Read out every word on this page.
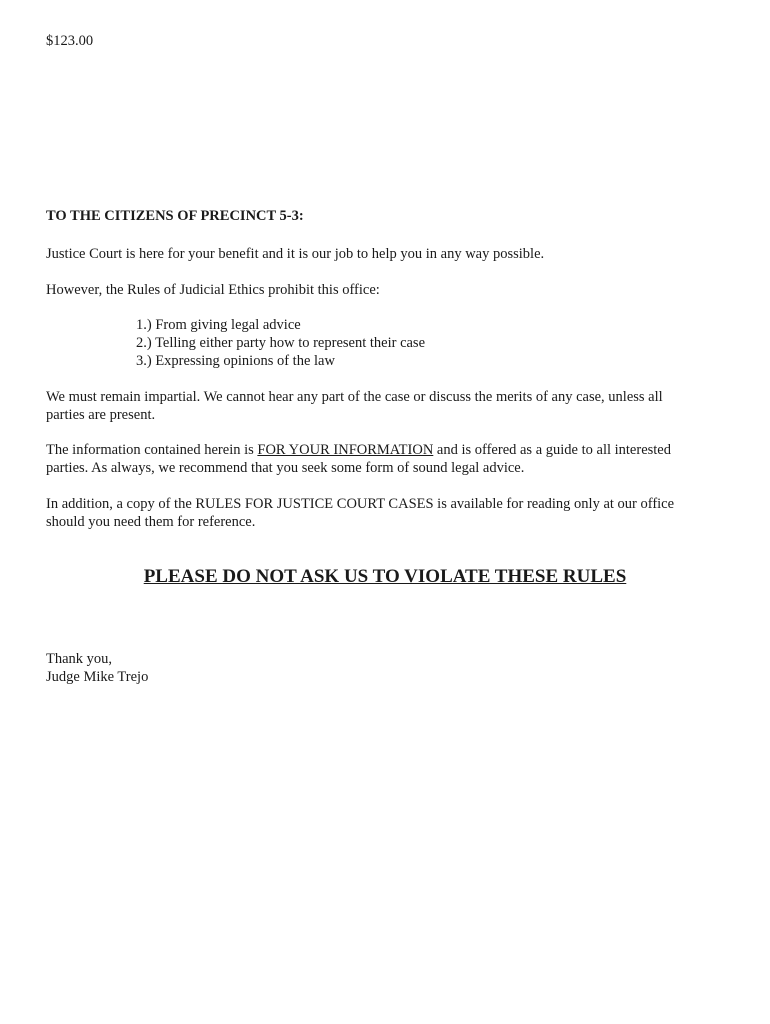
$123.00
TO THE CITIZENS OF PRECINCT 5-3:
Justice Court is here for your benefit and it is our job to help you in any way possible.
However, the Rules of Judicial Ethics prohibit this office:
1.) From giving legal advice
2.) Telling either party how to represent their case
3.) Expressing opinions of the law
We must remain impartial. We cannot hear any part of the case or discuss the merits of any case, unless all
parties are present.
The information contained herein is FOR YOUR INFORMATION and is offered as a guide to all interested
parties. As always, we recommend that you seek some form of sound legal advice.
In addition, a copy of the RULES FOR JUSTICE COURT CASES is available for reading only at our office
should you need them for reference.
PLEASE DO NOT ASK US TO VIOLATE THESE RULES
Thank you,
Judge Mike Trejo
